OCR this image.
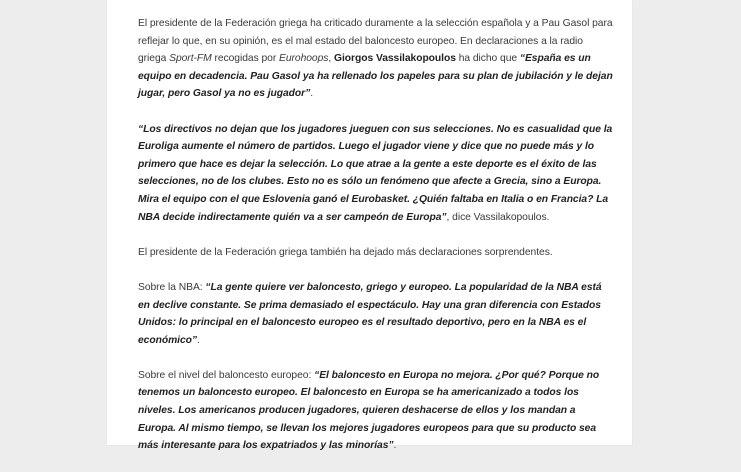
El presidente de la Federación griega ha criticado duramente a la selección española y a Pau Gasol para reflejar lo que, en su opinión, es el mal estado del baloncesto europeo. En declaraciones a la radio griega Sport-FM recogidas por Eurohoops, Giorgos Vassilakopoulos ha dicho que “España es un equipo en decadencia. Pau Gasol ya ha rellenado los papeles para su plan de jubilación y le dejan jugar, pero Gasol ya no es jugador”.

“Los directivos no dejan que los jugadores jueguen con sus selecciones. No es casualidad que la Euroliga aumente el número de partidos. Luego el jugador viene y dice que no puede más y lo primero que hace es dejar la selección. Lo que atrae a la gente a este deporte es el éxito de las selecciones, no de los clubes. Esto no es sólo un fenómeno que afecte a Grecia, sino a Europa. Mira el equipo con el que Eslovenia ganó el Eurobasket. ¿Quién faltaba en Italia o en Francia? La NBA decide indirectamente quién va a ser campeón de Europa”, dice Vassilakopoulos.

El presidente de la Federación griega también ha dejado más declaraciones sorprendentes.

Sobre la NBA: “La gente quiere ver baloncesto, griego y europeo. La popularidad de la NBA está en declive constante. Se prima demasiado el espectáculo. Hay una gran diferencia con Estados Unidos: lo principal en el baloncesto europeo es el resultado deportivo, pero en la NBA es el económico”.

Sobre el nivel del baloncesto europeo: “El baloncesto en Europa no mejora. ¿Por qué? Porque no tenemos un baloncesto europeo. El baloncesto en Europa se ha americanizado a todos los niveles. Los americanos producen jugadores, quieren deshacerse de ellos y los mandan a Europa. Al mismo tiempo, se llevan los mejores jugadores europeos para que su producto sea más interesante para los expatriados y las minorías”.
